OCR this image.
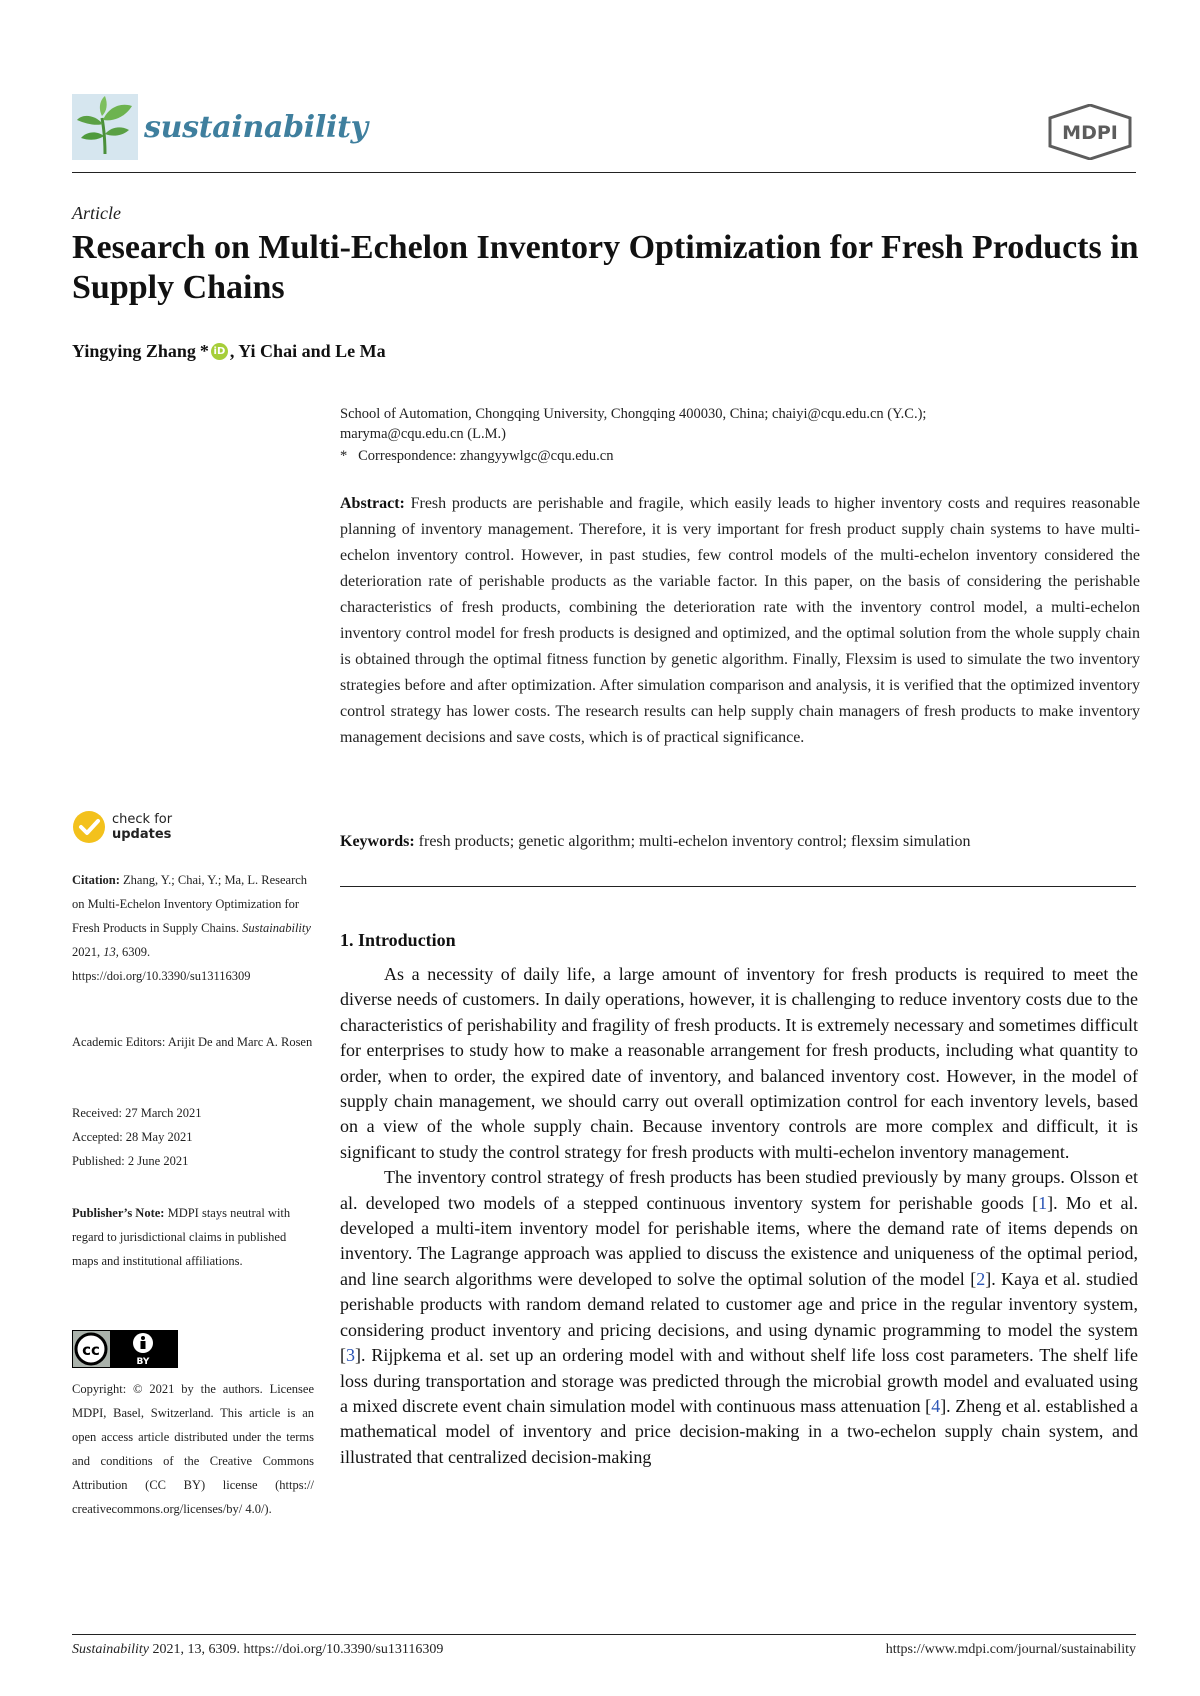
sustainability	MDPI
Article
Research on Multi-Echelon Inventory Optimization for Fresh Products in Supply Chains
Yingying Zhang * iD , Yi Chai and Le Ma
School of Automation, Chongqing University, Chongqing 400030, China; chaiyi@cqu.edu.cn (Y.C.);
maryma@cqu.edu.cn (L.M.)
* Correspondence: zhangyywlgc@cqu.edu.cn

Abstract: Fresh products are perishable and fragile, which easily leads to higher inventory costs and requires reasonable planning of inventory management. Therefore, it is very important for fresh product supply chain systems to have multi-echelon inventory control. However, in past studies, few control models of the multi-echelon inventory considered the deterioration rate of perishable products as the variable factor. In this paper, on the basis of considering the perishable characteristics of fresh products, combining the deterioration rate with the inventory control model, a multi-echelon inventory control model for fresh products is designed and optimized, and the optimal solution from the whole supply chain is obtained through the optimal fitness function by genetic algorithm. Finally, Flexsim is used to simulate the two inventory strategies before and after optimization. After simulation comparison and analysis, it is verified that the optimized inventory control strategy has lower costs. The research results can help supply chain managers of fresh products to make inventory management decisions and save costs, which is of practical significance.

Keywords: fresh products; genetic algorithm; multi-echelon inventory control; flexsim simulation
check for
updates

Citation: Zhang, Y.; Chai, Y.; Ma, L. Research on Multi-Echelon Inventory Optimization for Fresh Products in Supply Chains. Sustainability 2021, 13, 6309. https://doi.org/10.3390/su13116309

Academic Editors: Arijit De and Marc A. Rosen

Received: 27 March 2021

Accepted: 28 May 2021

Published: 2 June 2021

Publisher’s Note: MDPI stays neutral with regard to jurisdictional claims in published maps and institutional affiliations.

cc
BY

Copyright: © 2021 by the authors. Licensee MDPI, Basel, Switzerland. This article is an open access article distributed under the terms and conditions of the Creative Commons Attribution (CC BY) license (https:// creativecommons.org/licenses/by/ 4.0/).

1. Introduction

As a necessity of daily life, a large amount of inventory for fresh products is required to meet the diverse needs of customers. In daily operations, however, it is challenging to reduce inventory costs due to the characteristics of perishability and fragility of fresh products. It is extremely necessary and sometimes difficult for enterprises to study how to make a reasonable arrangement for fresh products, including what quantity to order, when to order, the expired date of inventory, and balanced inventory cost. However, in the model of supply chain management, we should carry out overall optimization control for each inventory levels, based on a view of the whole supply chain. Because inventory controls are more complex and difficult, it is significant to study the control strategy for fresh products with multi-echelon inventory management.

The inventory control strategy of fresh products has been studied previously by many groups. Olsson et al. developed two models of a stepped continuous inventory system for perishable goods [1]. Mo et al. developed a multi-item inventory model for perishable items, where the demand rate of items depends on inventory. The Lagrange approach was applied to discuss the existence and uniqueness of the optimal period, and line search algorithms were developed to solve the optimal solution of the model [2]. Kaya et al. studied perishable products with random demand related to customer age and price in the regular inventory system, considering product inventory and pricing decisions, and using dynamic programming to model the system [3]. Rijpkema et al. set up an ordering model with and without shelf life loss cost parameters. The shelf life loss during transportation and storage was predicted through the microbial growth model and evaluated using a mixed discrete event chain simulation model with continuous mass attenuation [4]. Zheng et al. established a mathematical model of inventory and price decision-making in a two-echelon supply chain system, and illustrated that centralized decision-making

Sustainability 2021, 13, 6309. https://doi.org/10.3390/su13116309	https://www.mdpi.com/journal/sustainability
